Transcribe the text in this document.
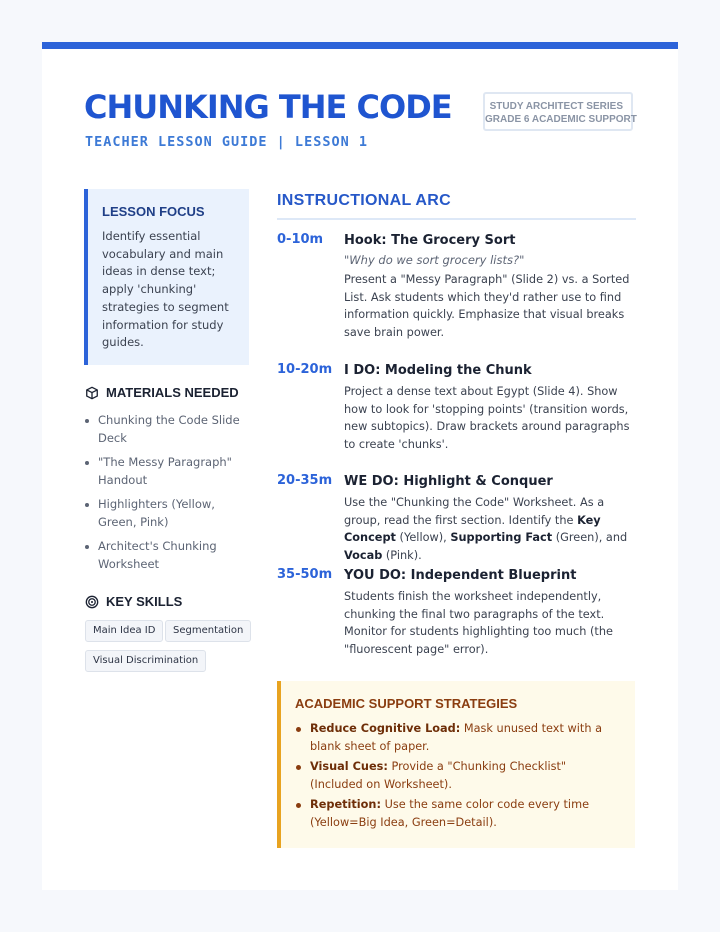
CHUNKING THE CODE
TEACHER LESSON GUIDE | LESSON 1
STUDY ARCHITECT SERIES
GRADE 6 ACADEMIC SUPPORT
LESSON FOCUS
Identify essential vocabulary and main ideas in dense text; apply 'chunking' strategies to segment information for study guides.
MATERIALS NEEDED
Chunking the Code Slide Deck
"The Messy Paragraph" Handout
Highlighters (Yellow, Green, Pink)
Architect's Chunking Worksheet
KEY SKILLS
Main Idea ID	Segmentation
Visual Discrimination
INSTRUCTIONAL ARC
0-10m Hook: The Grocery Sort
"Why do we sort grocery lists?"
Present a "Messy Paragraph" (Slide 2) vs. a Sorted List. Ask students which they'd rather use to find information quickly. Emphasize that visual breaks save brain power.
10-20m I DO: Modeling the Chunk
Project a dense text about Egypt (Slide 4). Show how to look for 'stopping points' (transition words, new subtopics). Draw brackets around paragraphs to create 'chunks'.
20-35m WE DO: Highlight & Conquer
Use the "Chunking the Code" Worksheet. As a group, read the first section. Identify the Key Concept (Yellow), Supporting Fact (Green), and Vocab (Pink).
35-50m YOU DO: Independent Blueprint
Students finish the worksheet independently, chunking the final two paragraphs of the text. Monitor for students highlighting too much (the "fluorescent page" error).
ACADEMIC SUPPORT STRATEGIES
Reduce Cognitive Load: Mask unused text with a blank sheet of paper.
Visual Cues: Provide a "Chunking Checklist" (Included on Worksheet).
Repetition: Use the same color code every time (Yellow=Big Idea, Green=Detail).
